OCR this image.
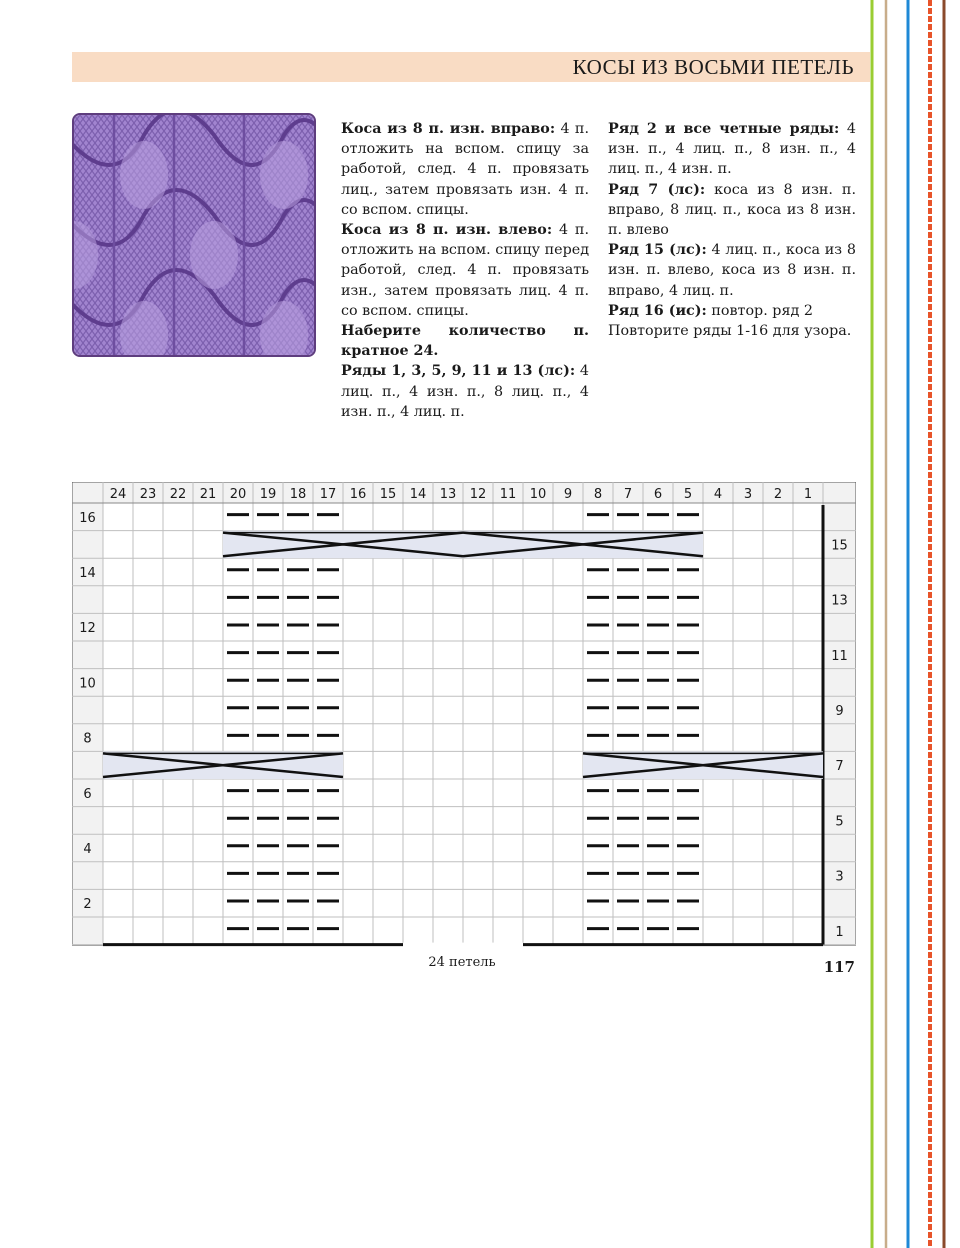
КОСЫ ИЗ ВОСЬМИ ПЕТЕЛЬ

Коса из 8 п. изн. вправо: 4 п. отложить на вспом. спицу за работой, след. 4 п. провязать лиц., затем провязать изн. 4 п. со вспом. спицы.

Коса из 8 п. изн. влево: 4 п. отложить на вспом. спицу перед работой, след. 4 п. провязать изн., затем провязать лиц. 4 п. со вспом. спицы.

Наберите количество п. кратное 24.

Ряды 1, 3, 5, 9, 11 и 13 (лс): 4 лиц. п., 4 изн. п., 8 лиц. п., 4 изн. п., 4 лиц. п.

Ряд 2 и все четные ряды: 4 изн. п., 4 лиц. п., 8 изн. п., 4 лиц. п., 4 изн. п.

Ряд 7 (лс): коса из 8 изн. п. вправо, 8 лиц. п., коса из 8 изн. п. влево

Ряд 15 (лс): 4 лиц. п., коса из 8 изн. п. влево, коса из 8 изн. п. вправо, 4 лиц. п.

Ряд 16 (ис): повтор. ряд 2

Повторите ряды 1-16 для узора.

24 23 22 21 20 19 18 17 16 15 14 13 12 11 10 9 8 7 6 5 4 3 2 1
16
14
12
10
8
6
4
2
15
13
11
9
7
5
3
1
24 петель	117
